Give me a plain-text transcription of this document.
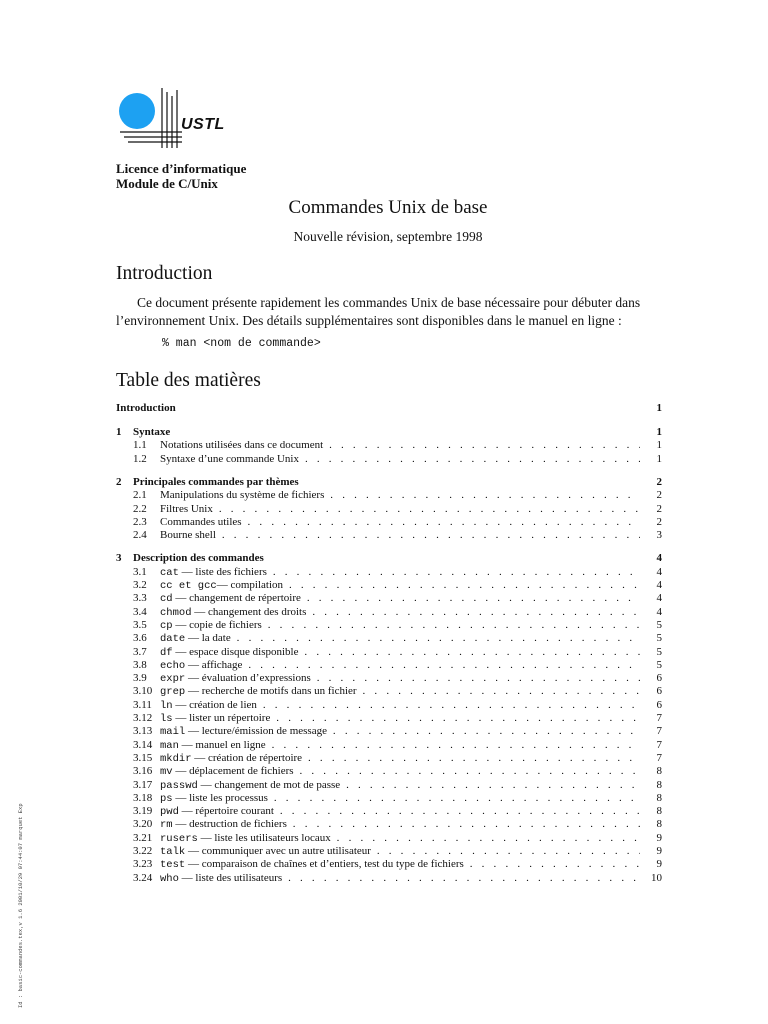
USTL
Licence d’informatique
Module de C/Unix
Commandes Unix de base
Nouvelle révision, septembre 1998
Introduction
Ce document présente rapidement les commandes Unix de base nécessaire pour débuter dans l’environnement Unix. Des détails supplémentaires sont disponibles dans le manuel en ligne :
% man <nom de commande>
Table des matières
Introduction	1
1 Syntaxe	1
1.1 Notations utilisées dans ce document . . .	1
1.2 Syntaxe d’une commande Unix . . .	1
2 Principales commandes par thèmes	2
2.1 Manipulations du système de fichiers . . .	2
2.2 Filtres Unix . . .	2
2.3 Commandes utiles . . .	2
2.4 Bourne shell . . .	3
3 Description des commandes	4
3.1 cat — liste des fichiers . . .	4
3.2 cc et gcc— compilation . . .	4
3.3 cd — changement de répertoire . . .	4
3.4 chmod — changement des droits . . .	4
3.5 cp — copie de fichiers . . .	5
3.6 date — la date . . .	5
3.7 df — espace disque disponible . . .	5
3.8 echo — affichage . . .	5
3.9 expr — évaluation d’expressions . . .	6
3.10 grep — recherche de motifs dans un fichier . . .	6
3.11 ln — création de lien . . .	6
3.12 ls — lister un répertoire . . .	7
3.13 mail — lecture/émission de message . . .	7
3.14 man — manuel en ligne . . .	7
3.15 mkdir — création de répertoire . . .	7
3.16 mv — déplacement de fichiers . . .	8
3.17 passwd — changement de mot de passe . . .	8
3.18 ps — liste les processus . . .	8
3.19 pwd — répertoire courant . . .	8
3.20 rm — destruction de fichiers . . .	8
3.21 rusers — liste les utilisateurs locaux . . .	9
3.22 talk — communiquer avec un autre utilisateur . . .	9
3.23 test — comparaison de chaînes et d’entiers, test du type de fichiers . . .	9
3.24 who — liste des utilisateurs . . .	10
Id : basic-commandes.tex,v 1.6 2001/10/29 07:44:07 marquet Exp
